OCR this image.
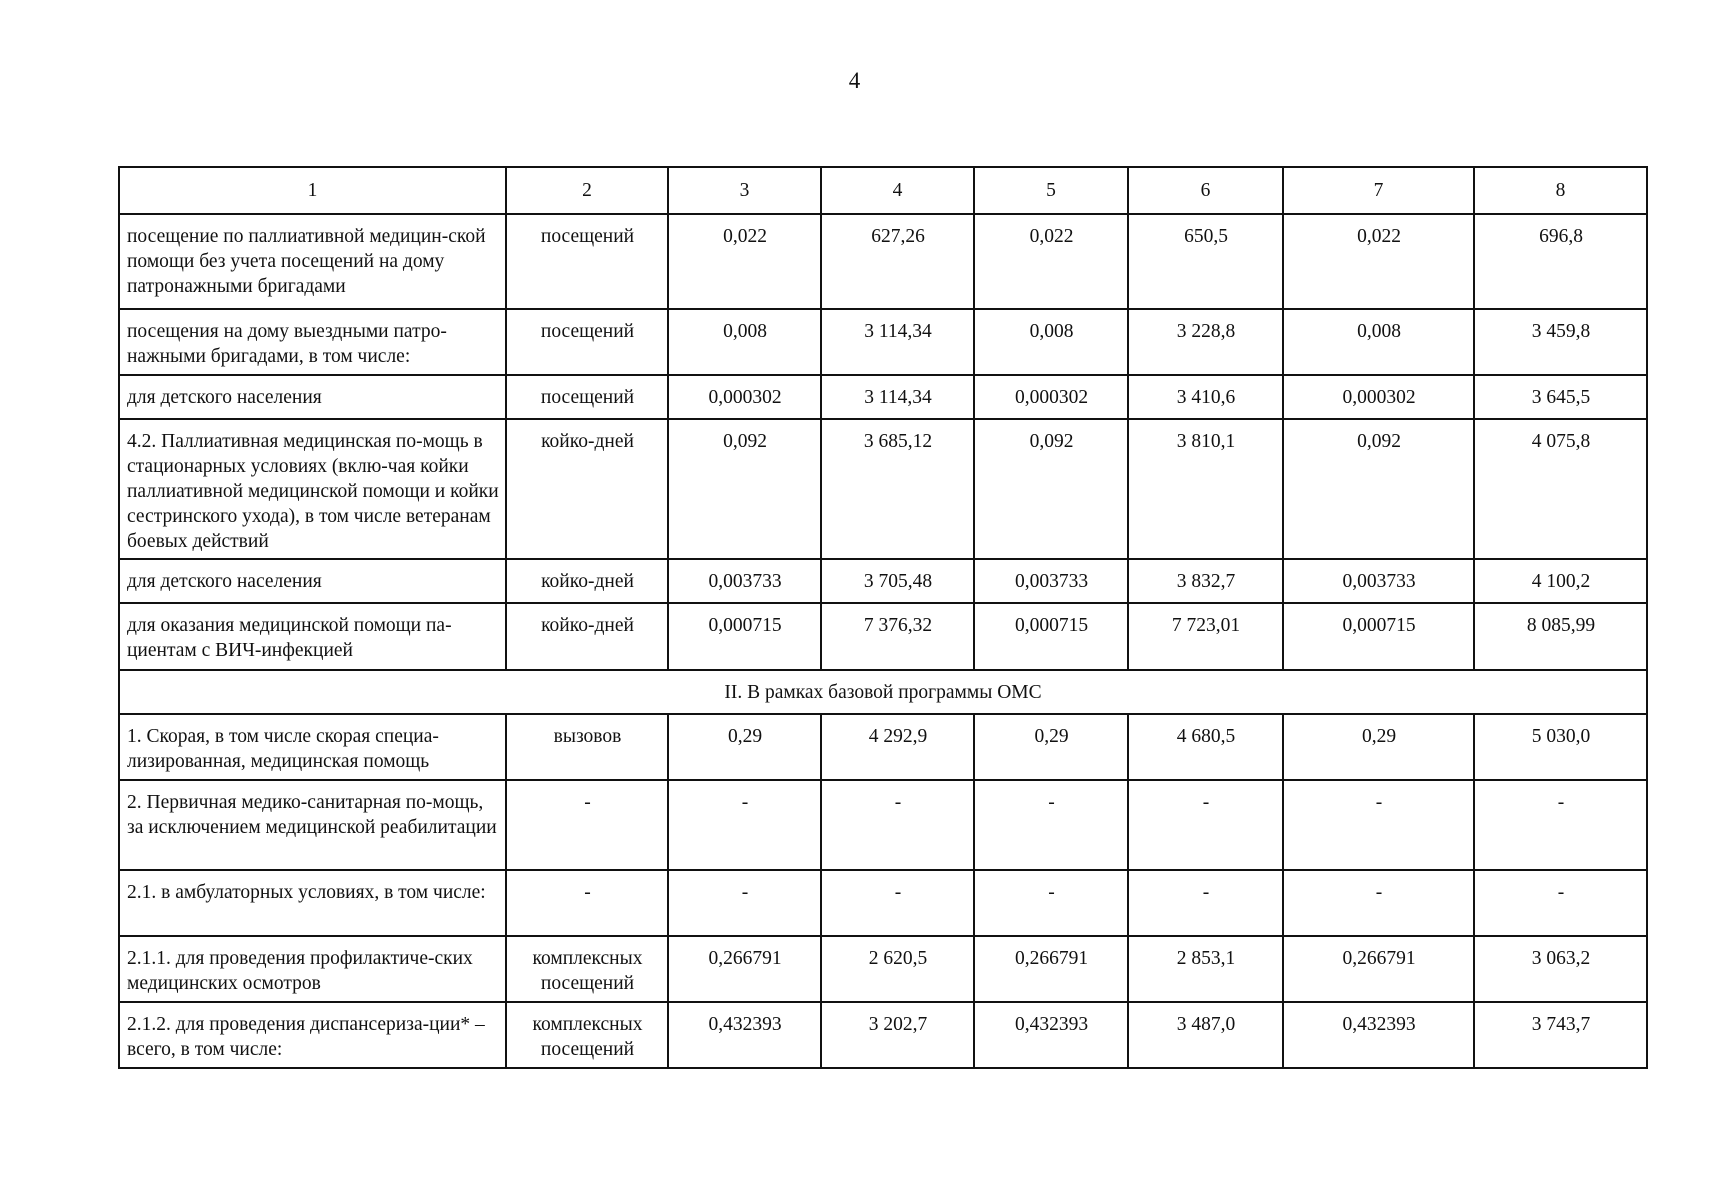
4
1	2	3	4	5	6	7	8
посещение по паллиативной медицин-ской помощи без учета посещений на дому патронажными бригадами	посещений	0,022	627,26	0,022	650,5	0,022	696,8
посещения на дому выездными патро-нажными бригадами, в том числе:	посещений	0,008	3 114,34	0,008	3 228,8	0,008	3 459,8
для детского населения	посещений	0,000302	3 114,34	0,000302	3 410,6	0,000302	3 645,5
4.2. Паллиативная медицинская по-мощь в стационарных условиях (вклю-чая койки паллиативной медицинской помощи и койки сестринского ухода), в том числе ветеранам боевых действий	койко-дней	0,092	3 685,12	0,092	3 810,1	0,092	4 075,8
для детского населения	койко-дней	0,003733	3 705,48	0,003733	3 832,7	0,003733	4 100,2
для оказания медицинской помощи па-циентам с ВИЧ-инфекцией	койко-дней	0,000715	7 376,32	0,000715	7 723,01	0,000715	8 085,99
II. В рамках базовой программы ОМС							
1. Скорая, в том числе скорая специа-лизированная, медицинская помощь	вызовов	0,29	4 292,9	0,29	4 680,5	0,29	5 030,0
2. Первичная медико-санитарная по-мощь, за исключением медицинской реабилитации	-	-	-	-	-	-	-
2.1. в амбулаторных условиях, в том числе:	-	-	-	-	-	-	-
2.1.1. для проведения профилактиче-ских медицинских осмотров	комплексных посещений	0,266791	2 620,5	0,266791	2 853,1	0,266791	3 063,2
2.1.2. для проведения диспансериза-ции* – всего, в том числе:	комплексных посещений	0,432393	3 202,7	0,432393	3 487,0	0,432393	3 743,7
